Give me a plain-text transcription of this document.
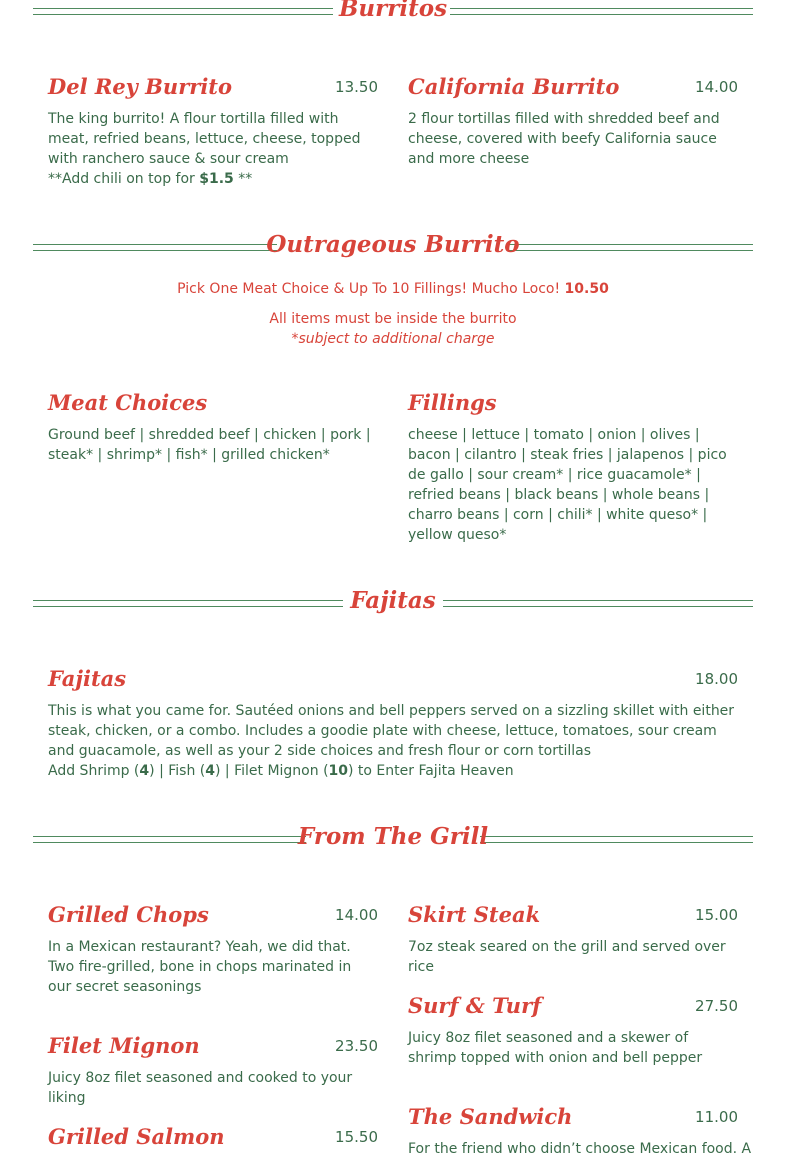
Burritos
Del Rey Burrito	13.50
The king burrito! A flour tortilla filled with meat, refried beans, lettuce, cheese, topped with ranchero sauce & sour cream
**Add chili on top for $1.5 **
California Burrito	14.00
2 flour tortillas filled with shredded beef and cheese, covered with beefy California sauce and more cheese
Outrageous Burrito
Pick One Meat Choice & Up To 10 Fillings! Mucho Loco! 10.50
All items must be inside the burrito
*subject to additional charge
Meat Choices
Ground beef | shredded beef | chicken | pork | steak* | shrimp* | fish* | grilled chicken*
Fillings
cheese | lettuce | tomato | onion | olives | bacon | cilantro | steak fries | jalapenos | pico de gallo | sour cream* | rice guacamole* | refried beans | black beans | whole beans | charro beans | corn | chili* | white queso* | yellow queso*
Fajitas
Fajitas	18.00
This is what you came for. Sautéed onions and bell peppers served on a sizzling skillet with either steak, chicken, or a combo. Includes a goodie plate with cheese, lettuce, tomatoes, sour cream and guacamole, as well as your 2 side choices and fresh flour or corn tortillas
Add Shrimp (4) | Fish (4) | Filet Mignon (10) to Enter Fajita Heaven
From The Grill
Grilled Chops	14.00
In a Mexican restaurant? Yeah, we did that. Two fire-grilled, bone in chops marinated in our secret seasonings
Filet Mignon	23.50
Juicy 8oz filet seasoned and cooked to your liking
Grilled Salmon	15.50
Skirt Steak	15.00
7oz steak seared on the grill and served over rice
Surf & Turf	27.50
Juicy 8oz filet seasoned and a skewer of shrimp topped with onion and bell pepper
The Sandwich	11.00
For the friend who didn’t choose Mexican food. A
